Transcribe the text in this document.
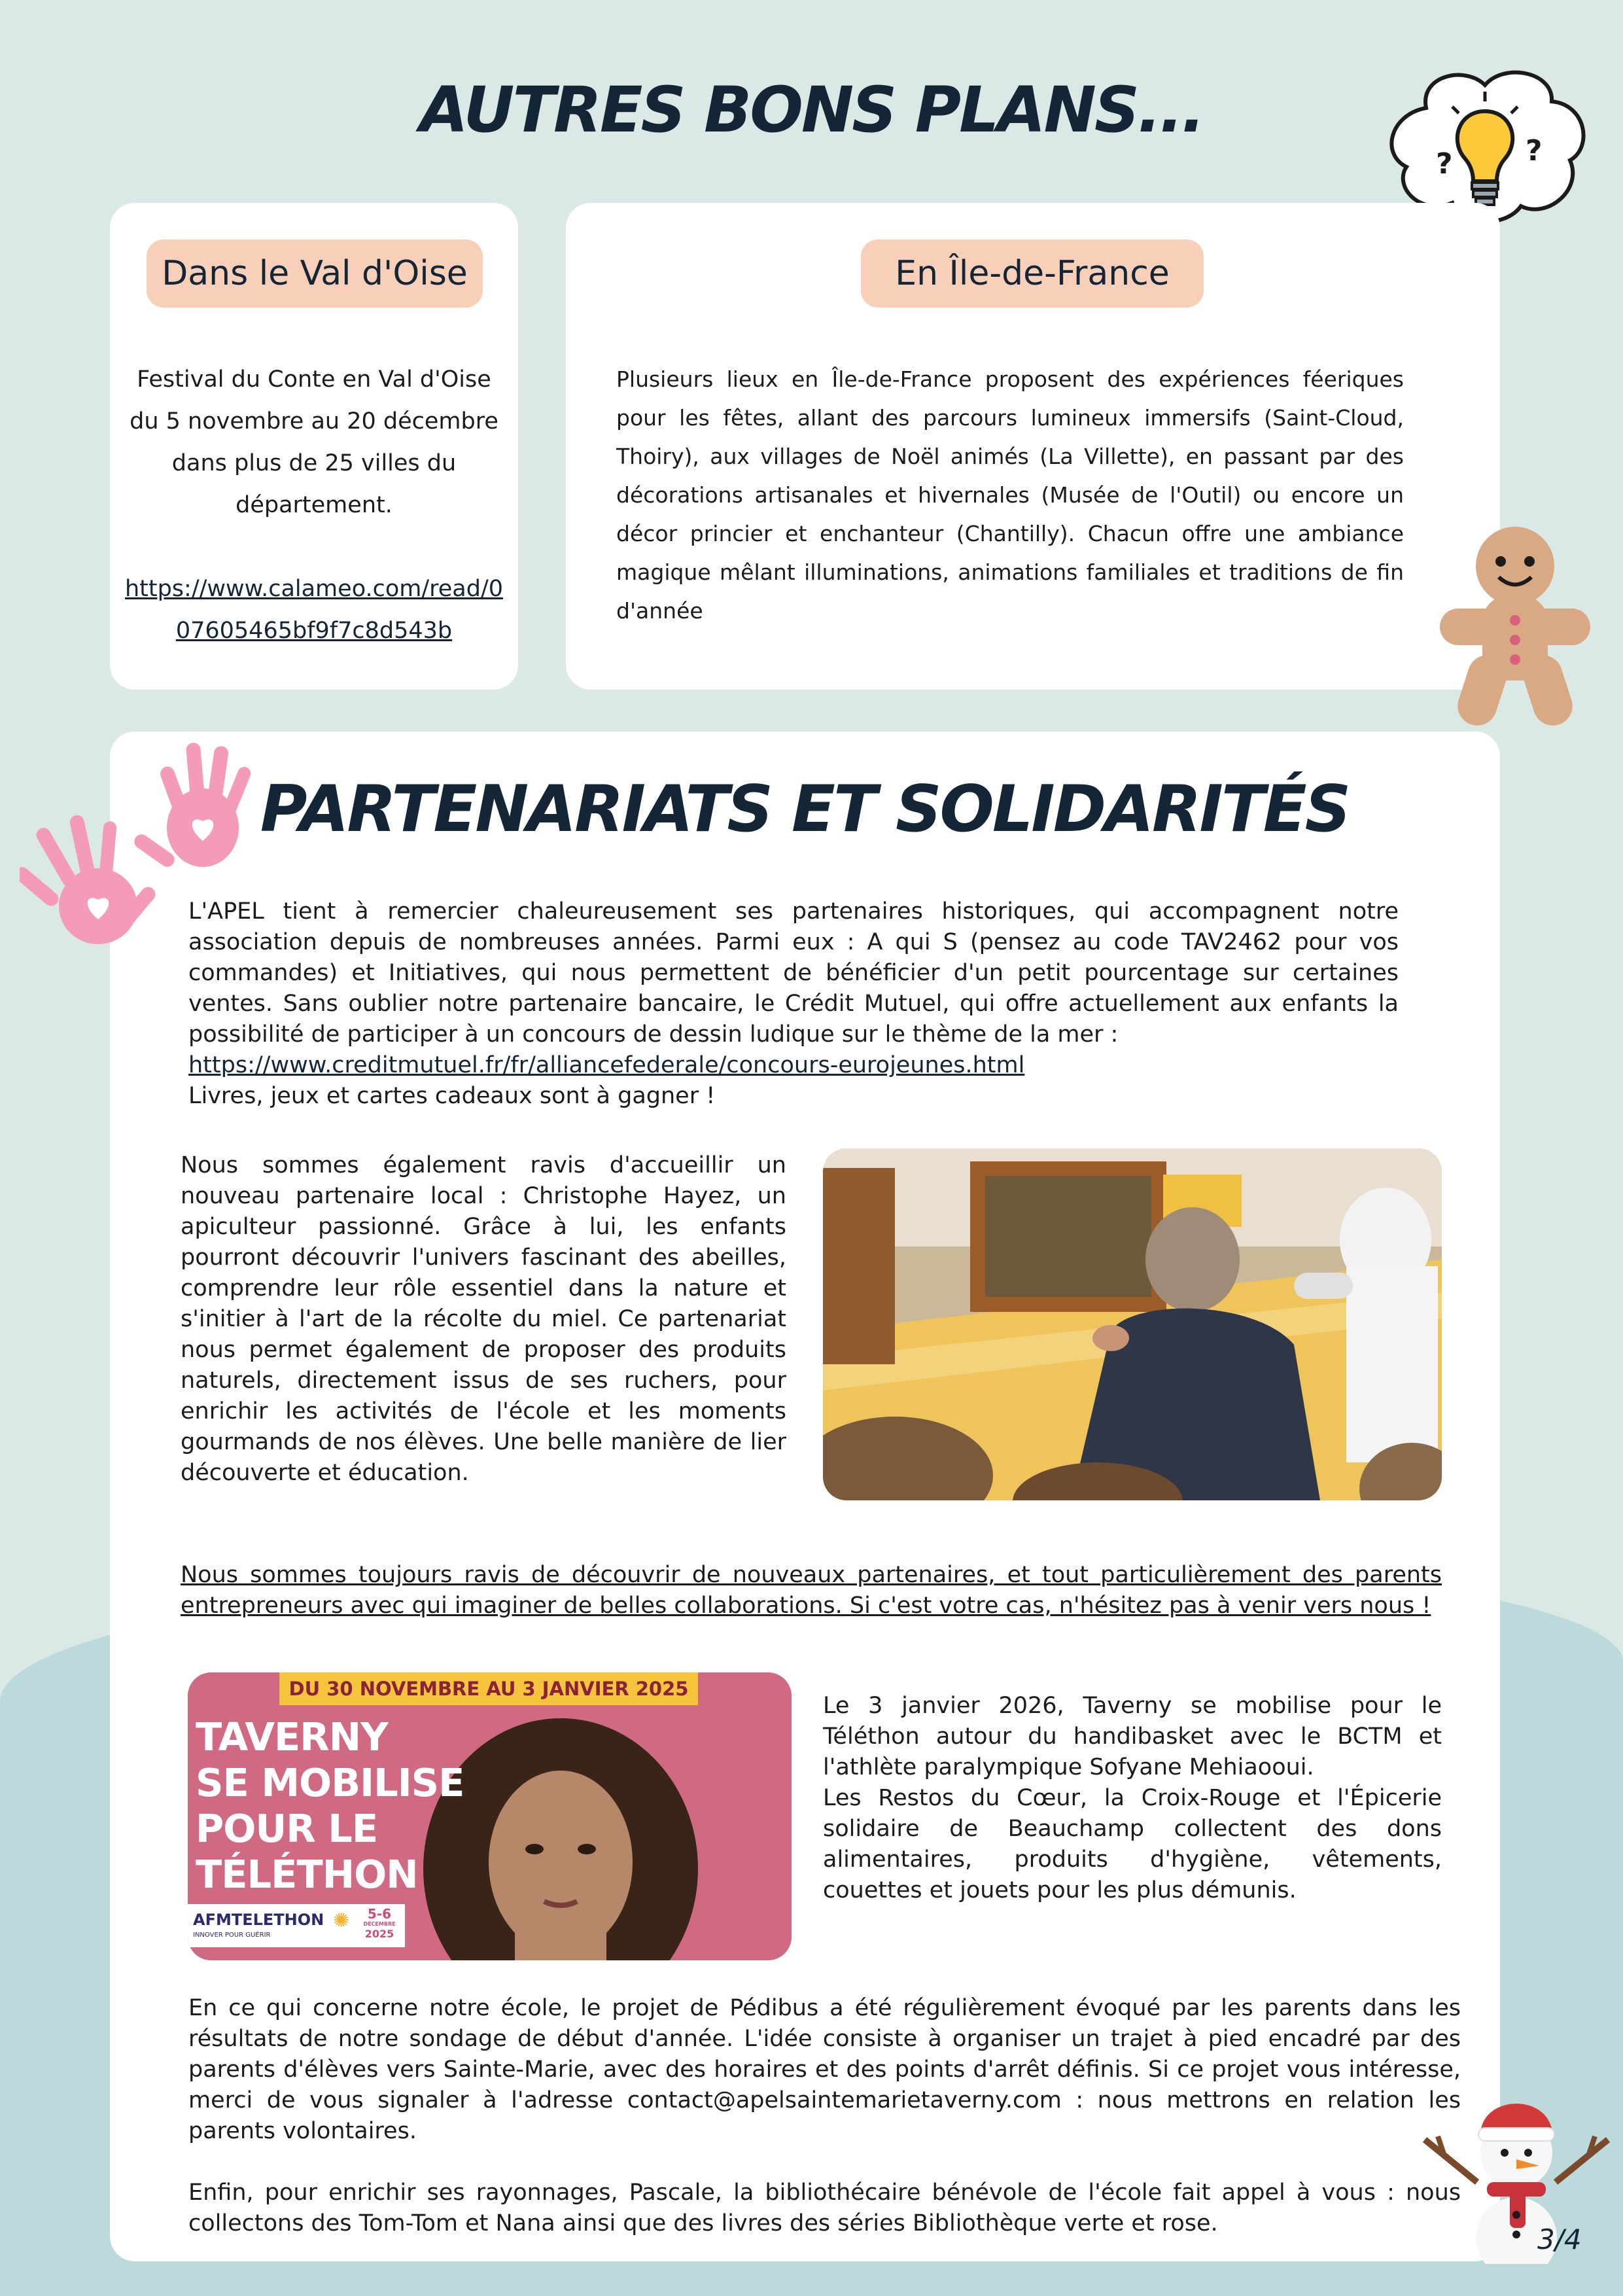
AUTRES BONS PLANS...
?	?
Dans le Val d'Oise

Festival du Conte en Val d'Oise

du 5 novembre au 20 décembre

dans plus de 25 villes du

département.

https://www.calameo.com/read/0
07605465bf9f7c8d543b

En Île-de-France
Plusieurs lieux en Île-de-France proposent des expériences féeriques pour les fêtes, allant des parcours lumineux immersifs (Saint-Cloud, Thoiry), aux villages de Noël animés (La Villette), en passant par des décorations artisanales et hivernales (Musée de l'Outil) ou encore un décor princier et enchanteur (Chantilly). Chacun offre une ambiance magique mêlant illuminations, animations familiales et traditions de fin d'année
PARTENARIATS ET SOLIDARITÉS

L'APEL tient à remercier chaleureusement ses partenaires historiques, qui accompagnent notre association depuis de nombreuses années. Parmi eux : A qui S (pensez au code TAV2462 pour vos commandes) et Initiatives, qui nous permettent de bénéficier d'un petit pourcentage sur certaines ventes. Sans oublier notre partenaire bancaire, le Crédit Mutuel, qui offre actuellement aux enfants la possibilité de participer à un concours de dessin ludique sur le thème de la mer :

https://www.creditmutuel.fr/fr/alliancefederale/concours-eurojeunes.html

Livres, jeux et cartes cadeaux sont à gagner !

Nous sommes également ravis d'accueillir un nouveau partenaire local : Christophe Hayez, un apiculteur passionné. Grâce à lui, les enfants pourront découvrir l'univers fascinant des abeilles, comprendre leur rôle essentiel dans la nature et s'initier à l'art de la récolte du miel. Ce partenariat nous permet également de proposer des produits naturels, directement issus de ses ruchers, pour enrichir les activités de l'école et les moments gourmands de nos élèves. Une belle manière de lier découverte et éducation.
Nous sommes toujours ravis de découvrir de nouveaux partenaires, et tout particulièrement des parents entrepreneurs avec qui imaginer de belles collaborations. Si c'est votre cas, n'hésitez pas à venir vers nous !
DU 30 NOVEMBRE AU 3 JANVIER 2025
TAVERNY
SE MOBILISE
POUR LE
TÉLÉTHON
AFMTELETHON
INNOVER POUR GUÉRIR
✺	5-6
DÉCEMBRE
2025

Le 3 janvier 2026, Taverny se mobilise pour le Téléthon autour du handibasket avec le BCTM et l'athlète paralympique Sofyane Mehiaooui.

Les Restos du Cœur, la Croix-Rouge et l'Épicerie solidaire de Beauchamp collectent des dons alimentaires, produits d'hygiène, vêtements, couettes et jouets pour les plus démunis.

En ce qui concerne notre école, le projet de Pédibus a été régulièrement évoqué par les parents dans les résultats de notre sondage de début d'année. L'idée consiste à organiser un trajet à pied encadré par des parents d'élèves vers Sainte-Marie, avec des horaires et des points d'arrêt définis. Si ce projet vous intéresse, merci de vous signaler à l'adresse contact@apelsaintemarietaverny.com : nous mettrons en relation les parents volontaires.
Enfin, pour enrichir ses rayonnages, Pascale, la bibliothécaire bénévole de l'école fait appel à vous : nous collectons des Tom-Tom et Nana ainsi que des livres des séries Bibliothèque verte et rose.	3/4
